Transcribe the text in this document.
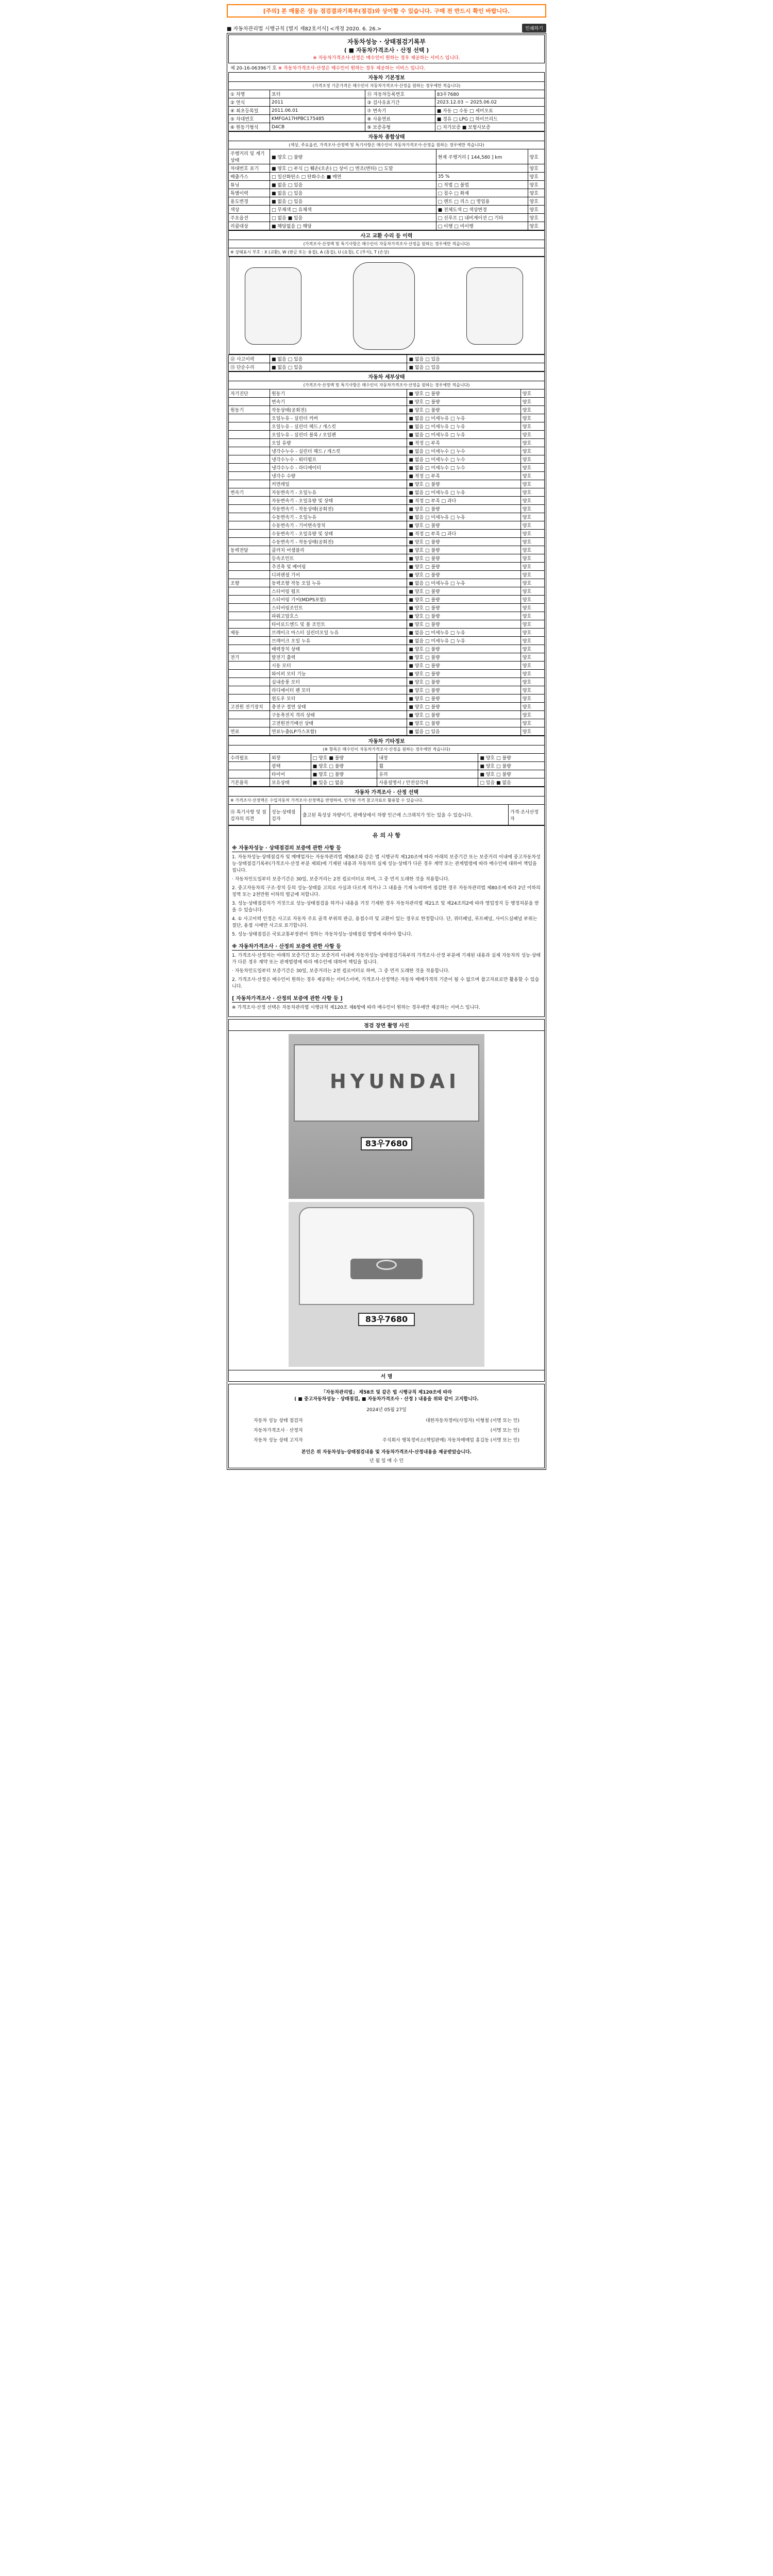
[주의] 본 매물은 성능 점검결과기록부(점검)와 상이할 수 있습니다. 구매 전 반드시 확인 바랍니다.
■ 자동차관리법 시행규칙 [별지 제82호서식] <개정 2020. 6. 26.>	인쇄하기
자동차성능 · 상태점검기록부
( ■ 자동차가격조사 · 산정 선택 )
※ 자동차가격조사·산정은 매수인이 원하는 경우 제공하는 서비스 입니다.
제 20-16-06396기 호 ※ 자동차가격조사·산정은 매수인이 원하는 경우 제공하는 서비스 입니다.
자동차 기본정보			
(가격조정 기준가격은 매수인이 자동차가격조사·산정을 원하는 경우에만 적습니다)			
① 차명	포터	⑪ 자동차등록번호	83우7680
② 연식	2011	③ 검사유효기간	2023.12.03 ~ 2025.06.02
④ 최초등록일	2011.06.01	⑦ 변속기	■ 자동 □ 수동 □ 세미오토
⑤ 차대번호	KMFGA17HPBC175485	⑧ 사용연료	■ 경유 □ LPG □ 하이브리드
⑥ 원동기형식	D4CB	⑨ 보증유형	□ 자가보증 ■ 보험사보증
자동차 종합상태			
(색상, 주요옵션, 가격조사·산정액 및 특기사항은 매수인이 자동차가격조사·산정을 원하는 경우에만 적습니다)			
주행거리 및 계기상태	■ 양호 □ 불량	현재 주행거리 [ 144,580 ] km	양호
차대번호 표기	■ 양호 □ 부식 □ 훼손(오손) □ 상이 □ 변조(변타) □ 도말		양호
배출가스	□ 일산화탄소 □ 탄화수소 ■ 매연	35 %	양호
튜닝	■ 없음 □ 있음	□ 적법 □ 불법	양호
특별이력	■ 없음 □ 있음	□ 침수 □ 화재	양호
용도변경	■ 없음 □ 있음	□ 렌트 □ 리스 □ 영업용	양호
색상	□ 무채색 □ 유채색	■ 전체도색 □ 색상변경	양호
주요옵션	□ 없음 ■ 있음	□ 선루프 □ 내비게이션 □ 기타	양호
리콜대상	■ 해당없음 □ 해당	□ 이행 □ 미이행	양호
사고 교환 수리 등 이력		
(가격조사·산정액 및 특기사항은 매수인이 자동차가격조사·산정을 원하는 경우에만 적습니다)		
※ 상태표시 부호 : X (교환), W (판금 또는 용접), A (흠집), U (요철), C (부식), T (손상)		

⑫ 사고이력	■ 없음 □ 있음	■ 없음 □ 있음
⑬ 단순수리	■ 없음 □ 있음	■ 없음 □ 있음
자동차 세부상태			
(가격조사·산정액 및 특기사항은 매수인이 자동차가격조사·산정을 원하는 경우에만 적습니다)			
자기진단	원동기	■ 양호 □ 불량	양호
	변속기	■ 양호 □ 불량	양호
원동기	작동상태(공회전)	■ 양호 □ 불량	양호
	오일누유 - 실린더 커버	■ 없음 □ 미세누유 □ 누유	양호
	오일누유 - 실린더 헤드 / 개스킷	■ 없음 □ 미세누유 □ 누유	양호
	오일누유 - 실린더 블록 / 오일팬	■ 없음 □ 미세누유 □ 누유	양호
	오일 유량	■ 적정 □ 부족	양호
	냉각수누수 - 실린더 헤드 / 개스킷	■ 없음 □ 미세누수 □ 누수	양호
	냉각수누수 - 워터펌프	■ 없음 □ 미세누수 □ 누수	양호
	냉각수누수 - 라디에이터	■ 없음 □ 미세누수 □ 누수	양호
	냉각수 수량	■ 적정 □ 부족	양호
	커먼레일	■ 양호 □ 불량	양호
변속기	자동변속기 - 오일누유	■ 없음 □ 미세누유 □ 누유	양호
	자동변속기 - 오일유량 및 상태	■ 적정 □ 부족 □ 과다	양호
	자동변속기 - 작동상태(공회전)	■ 양호 □ 불량	양호
	수동변속기 - 오일누유	■ 없음 □ 미세누유 □ 누유	양호
	수동변속기 - 기어변속장치	■ 양호 □ 불량	양호
	수동변속기 - 오일유량 및 상태	■ 적정 □ 부족 □ 과다	양호
	수동변속기 - 작동상태(공회전)	■ 양호 □ 불량	양호
동력전달	클러치 어셈블리	■ 양호 □ 불량	양호
	등속조인트	■ 양호 □ 불량	양호
	추진축 및 베어링	■ 양호 □ 불량	양호
	디퍼렌셜 기어	■ 양호 □ 불량	양호
조향	동력조향 작동 오일 누유	■ 없음 □ 미세누유 □ 누유	양호
	스티어링 펌프	■ 양호 □ 불량	양호
	스티어링 기어(MDPS포함)	■ 양호 □ 불량	양호
	스티어링조인트	■ 양호 □ 불량	양호
	파워고압호스	■ 양호 □ 불량	양호
	타이로드엔드 및 볼 조인트	■ 양호 □ 불량	양호
제동	브레이크 마스터 실린더오일 누유	■ 없음 □ 미세누유 □ 누유	양호
	브레이크 오일 누유	■ 없음 □ 미세누유 □ 누유	양호
	배력장치 상태	■ 양호 □ 불량	양호
전기	발전기 출력	■ 양호 □ 불량	양호
	시동 모터	■ 양호 □ 불량	양호
	와이퍼 모터 기능	■ 양호 □ 불량	양호
	실내송풍 모터	■ 양호 □ 불량	양호
	라디에이터 팬 모터	■ 양호 □ 불량	양호
	윈도우 모터	■ 양호 □ 불량	양호
고전원 전기장치	충전구 절연 상태	■ 양호 □ 불량	양호
	구동축전지 격리 상태	■ 양호 □ 불량	양호
	고전원전기배선 상태	■ 양호 □ 불량	양호
연료	연료누출(LP가스포함)	■ 없음 □ 있음	양호
자동차 기타정보				
(※ 항목은 매수인이 자동차가격조사·산정을 원하는 경우에만 적습니다)				
수리필요	외장	□ 양호 ■ 불량	내장	■ 양호 □ 불량
	광택	■ 양호 □ 불량	휠	■ 양호 □ 불량
	타이어	■ 양호 □ 불량	유리	■ 양호 □ 불량
기본품목	보유상태	■ 있음 □ 없음	사용설명서 / 안전삼각대	□ 있음 ■ 없음
자동차 가격조사 · 산정 선택
※ 가격조사·산정액은 수입자동차 가격조사·산정액을 반영하여, 인가된 가격 참고자료로 활용할 수 있습니다.
⑮ 특기사항 및 점검자의 의견	성능·상태점검자	출고된 특성상 차량이기, 판매상에서 차량 인근에 스크래치가 잇는 있을 수 있습니다.	가격·조사산정자
유 의 사 항
※ 자동차성능 · 상태점검의 보증에 관한 사항 등

1. 자동차성능·상태점검자 및 매매업자는 자동차관리법 제58조와 같은 법 시행규칙 제120조에 따라 아래의 보증기간 또는 보증거리 이내에 중고자동차성능·상태점검기록부(가격조사·산정 부분 제외)에 기재된 내용과 자동차의 실제 성능·상태가 다른 경우 계약 또는 관계법령에 따라 매수인에 대하여 책임을 집니다.

· 자동차인도일부터 보증기간은 30일, 보증거리는 2천 킬로미터로 하며, 그 중 먼저 도래한 것을 적용합니다.

2. 중고자동차의 구조·장치 등의 성능·상태를 고의로 사실과 다르게 적거나 그 내용을 기재 누락하여 점검한 경우 자동차관리법 제80조에 따라 2년 이하의 징역 또는 2천만원 이하의 벌금에 처합니다.

3. 성능·상태점검자가 거짓으로 성능·상태점검을 하거나 내용을 거짓 기재한 경우 자동차관리법 제21조 및 제24조의2에 따라 영업정지 등 행정처분을 받을 수 있습니다.

4. ① 사고이력 인정은 사고로 자동차 주요 골격 부위의 판금, 용접수리 및 교환이 있는 경우로 한정합니다. 단, 쿼터패널, 루프패널, 사이드실패널 부위는 절단, 용접 시에만 사고로 표기합니다.

5. 성능·상태점검은 국토교통부장관이 정하는 자동차성능·상태점검 방법에 따라야 합니다.

※ 자동차가격조사 · 산정의 보증에 관한 사항 등

1. 가격조사·산정자는 아래의 보증기간 또는 보증거리 이내에 자동차성능·상태점검기록부의 가격조사·산정 부분에 기재된 내용과 실제 자동차의 성능·상태가 다른 경우 계약 또는 관계법령에 따라 매수인에 대하여 책임을 집니다.

· 자동차인도일부터 보증기간은 30일, 보증거리는 2천 킬로미터로 하며, 그 중 먼저 도래한 것을 적용합니다.

2. 가격조사·산정은 매수인이 원하는 경우 제공하는 서비스이며, 가격조사·산정액은 자동차 매매가격의 기준이 될 수 없으며 참고자료로만 활용할 수 있습니다.

[ 자동차가격조사 · 산정의 보증에 관한 사항 등 ]

※ 가격조사·산정 선택은 자동차관리법 시행규칙 제120조 제6항에 따라 매수인이 원하는 경우에만 제공하는 서비스 입니다.

점검 장면 촬영 사진
HYUNDAI
83우7680
83우7680
서 명
「자동차관리법」 제58조 및 같은 법 시행규칙 제120조에 따라
( ■ 중고자동차성능 · 상태점검, ■ 자동차가격조사 · 산정 ) 내용을 위와 같이 고지합니다.
2024년 05월 27일
자동차 성능 상태 점검자	대한자동차정비(사업자) 이형철 (서명 또는 인)
자동차가격조사 · 산정자	(서명 또는 인)
자동차 성능 상태 고지자	주식회사 행복정비소(책임판매) 자동차매매업 홍길동 (서명 또는 인)
본인은 위 자동차성능·상태점검내용 및 자동차가격조사·산정내용을 제공받았습니다.
년 월 일 매 수 인
